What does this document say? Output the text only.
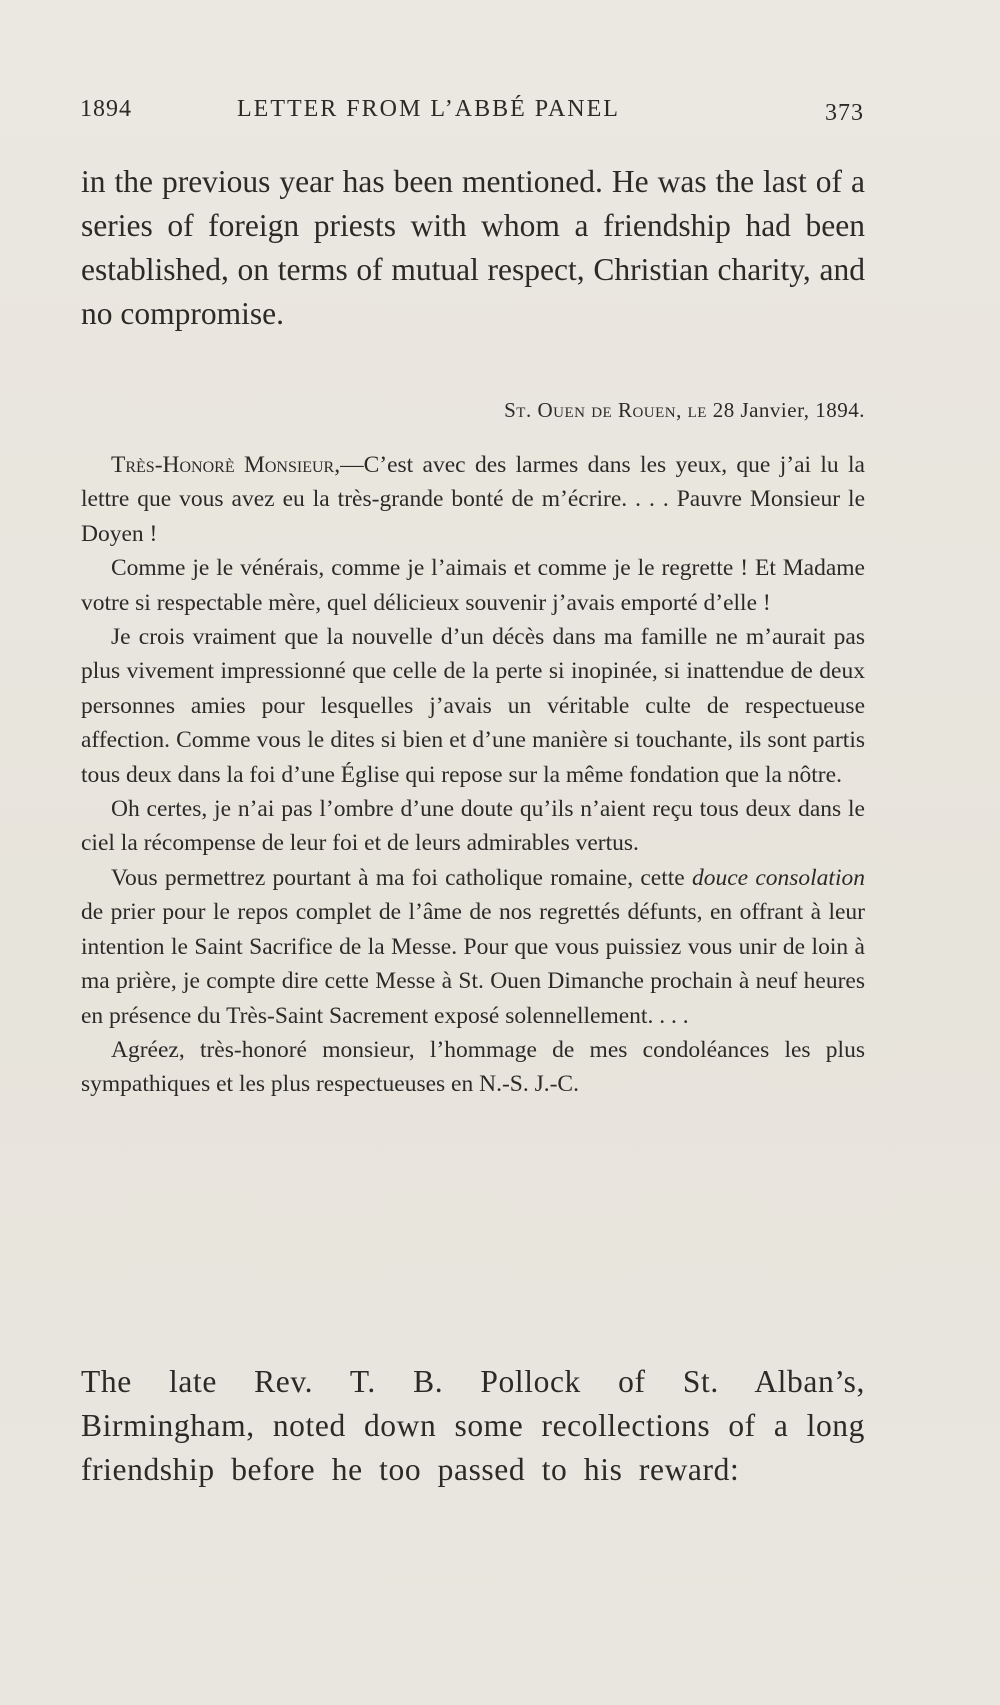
1894	LETTER FROM L’ABBÉ PANEL	373

in the previous year has been mentioned. He was the last of a series of foreign priests with whom a friendship had been established, on terms of mutual respect, Christian charity, and no compromise.

St. Ouen de Rouen, le 28 Janvier, 1894.

Très-Honorè Monsieur,—C’est avec des larmes dans les yeux, que j’ai lu la lettre que vous avez eu la très-grande bonté de m’écrire. . . . Pauvre Monsieur le Doyen !

Comme je le vénérais, comme je l’aimais et comme je le regrette ! Et Madame votre si respectable mère, quel délicieux souvenir j’avais emporté d’elle !

Je crois vraiment que la nouvelle d’un décès dans ma famille ne m’aurait pas plus vivement impressionné que celle de la perte si inopinée, si inattendue de deux personnes amies pour lesquelles j’avais un véritable culte de respectueuse affection. Comme vous le dites si bien et d’une manière si touchante, ils sont partis tous deux dans la foi d’une Église qui repose sur la même fondation que la nôtre.

Oh certes, je n’ai pas l’ombre d’une doute qu’ils n’aient reçu tous deux dans le ciel la récompense de leur foi et de leurs admirables vertus.

Vous permettrez pourtant à ma foi catholique romaine, cette douce consolation de prier pour le repos complet de l’âme de nos regrettés défunts, en offrant à leur intention le Saint Sacrifice de la Messe. Pour que vous puissiez vous unir de loin à ma prière, je compte dire cette Messe à St. Ouen Dimanche prochain à neuf heures en présence du Très-Saint Sacrement exposé solennellement. . . .

Agréez, très-honoré monsieur, l’hommage de mes condoléances les plus sympathiques et les plus respectueuses en N.-S. J.-C.

The late Rev. T. B. Pollock of St. Alban’s, Birmingham, noted down some recollections of a long friendship before he too passed to his reward:
